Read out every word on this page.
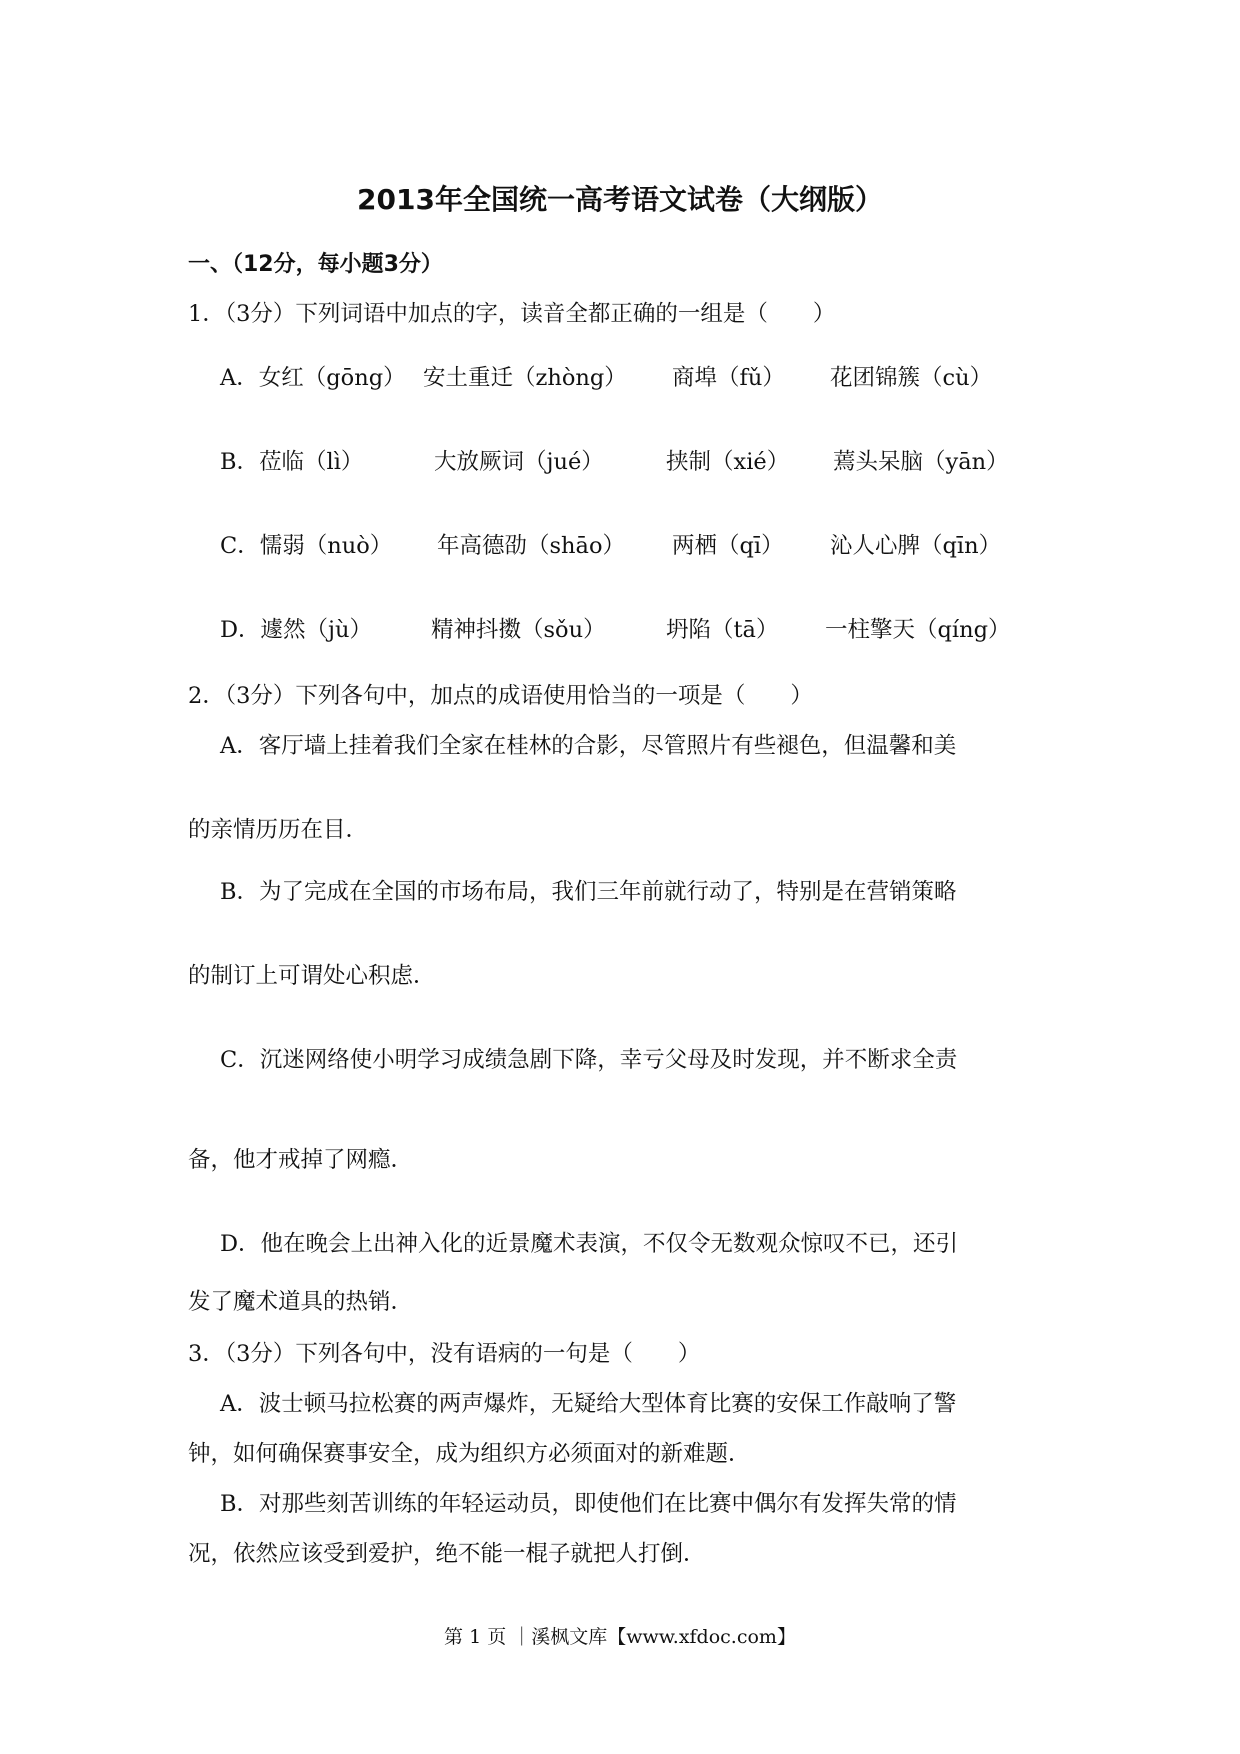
2013年全国统一高考语文试卷（大纲版）
一、（12分，每小题3分）
1．（3分）下列词语中加点的字，读音全都正确的一组是（　　）
A．女红（gōng） 安土重迁（zhòng） 商埠（fǔ） 花团锦簇（cù）
B．莅临（lì）	大放厥词（jué）	挟制（xié） 蔫头呆脑（yān）
C．懦弱（nuò） 年高德劭（shāo） 两栖（qī） 沁人心脾（qīn）
D．遽然（jù）	精神抖擞（sǒu）	坍陷（tā） 一柱擎天（qíng）
2．（3分）下列各句中，加点的成语使用恰当的一项是（　　）
A．客厅墙上挂着我们全家在桂林的合影，尽管照片有些褪色，但温馨和美
的亲情历历在目．
B．为了完成在全国的市场布局，我们三年前就行动了，特别是在营销策略
的制订上可谓处心积虑．
C．沉迷网络使小明学习成绩急剧下降，幸亏父母及时发现，并不断求全责
备，他才戒掉了网瘾．
D．他在晚会上出神入化的近景魔术表演，不仅令无数观众惊叹不已，还引
发了魔术道具的热销．
3．（3分）下列各句中，没有语病的一句是（　　）
A．波士顿马拉松赛的两声爆炸，无疑给大型体育比赛的安保工作敲响了警
钟，如何确保赛事安全，成为组织方必须面对的新难题．
B．对那些刻苦训练的年轻运动员，即使他们在比赛中偶尔有发挥失常的情
况，依然应该受到爱护，绝不能一棍子就把人打倒．
第 1 页 ｜溪枫文库【www.xfdoc.com】
